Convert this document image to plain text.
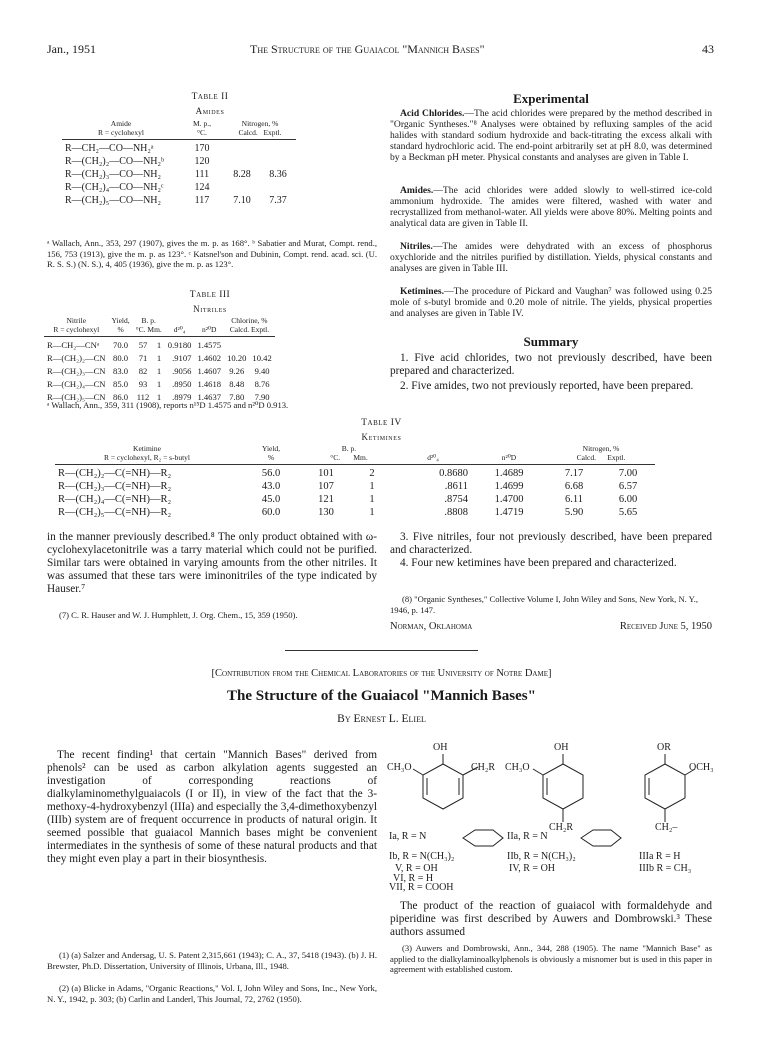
Jan., 1951	The Structure of the Guaiacol "Mannich Bases"	43
Table II
Amides
Amide
R = cyclohexyl	M. p.,
°C.	Nitrogen, %
Calcd. Exptl.	

R—CH₂—CO—NH₂ᵃ	170		
R—(CH₂)₂—CO—NH₂ᵇ	120		
R—(CH₂)₃—CO—NH₂	111	8.28	8.36
R—(CH₂)₄—CO—NH₂ᶜ	124		
R—(CH₂)₅—CO—NH₂	117	7.10	7.37
ᵃ Wallach, Ann., 353, 297 (1907), gives the m. p. as 168°. ᵇ Sabatier and Murat, Compt. rend., 156, 753 (1913), give the m. p. as 123°. ᶜ Katsnel'son and Dubinin, Compt. rend. acad. sci. (U. R. S. S.) (N. S.), 4, 405 (1936), give the m. p. as 123°.
Table III
Nitriles
Nitrile
R = cyclohexyl	Yield,
%	B. p.
°C. Mm.		d²⁰₄	n²⁰D	Chlorine, %
Calcd. Exptl.	

R—CH₂—CNᵃ	70.0	57	1	0.9180	1.4575		
R—(CH₂)₂—CN	80.0	71	1	.9107	1.4602	10.20	10.42
R—(CH₂)₃—CN	83.0	82	1	.9056	1.4607	9.26	9.40
R—(CH₂)₄—CN	85.0	93	1	.8950	1.4618	8.48	8.76
R—(CH₂)₅—CN	86.0	112	1	.8979	1.4637	7.80	7.90
ᵃ Wallach, Ann., 359, 311 (1908), reports n¹⁵D 1.4575 and n²⁰D 0.913.
Experimental
Acid Chlorides.—The acid chlorides were prepared by the method described in "Organic Syntheses."⁸ Analyses were obtained by refluxing samples of the acid halides with standard sodium hydroxide and back-titrating the excess alkali with standard hydrochloric acid. The end-point arbitrarily set at pH 8.0, was determined by a Beckman pH meter. Physical constants and analyses are given in Table I.
Amides.—The acid chlorides were added slowly to well-stirred ice-cold ammonium hydroxide. The amides were filtered, washed with water and recrystallized from methanol-water. All yields were above 80%. Melting points and analytical data are given in Table II.
Nitriles.—The amides were dehydrated with an excess of phosphorus oxychloride and the nitriles purified by distillation. Yields, physical constants and analyses are given in Table III.
Ketimines.—The procedure of Pickard and Vaughan⁷ was followed using 0.25 mole of s-butyl bromide and 0.20 mole of nitrile. The yields, physical properties and analyses are given in Table IV.
Summary
1. Five acid chlorides, two not previously described, have been prepared and characterized.
2. Five amides, two not previously reported, have been prepared.
Table IV
Ketimines
Ketimine
R = cyclohexyl, R₂ = s-butyl	Yield,
%	B. p.
°C. Mm.		d²⁰₄	n²⁰D	Nitrogen, %
Calcd. Exptl.	

R—(CH₂)₂—C(=NH)—R₂	56.0	101	2	0.8680	1.4689	7.17	7.00
R—(CH₂)₃—C(=NH)—R₂	43.0	107	1	.8611	1.4699	6.68	6.57
R—(CH₂)₄—C(=NH)—R₂	45.0	121	1	.8754	1.4700	6.11	6.00
R—(CH₂)₅—C(=NH)—R₂	60.0	130	1	.8808	1.4719	5.90	5.65
in the manner previously described.⁸ The only product obtained with ω-cyclohexylacetonitrile was a tarry material which could not be purified. Similar tars were obtained in varying amounts from the other nitriles. It was assumed that these tars were iminonitriles of the type indicated by Hauser.⁷
(7) C. R. Hauser and W. J. Humphlett, J. Org. Chem., 15, 359 (1950).
3. Five nitriles, four not previously described, have been prepared and characterized.
4. Four new ketimines have been prepared and characterized.
(8) "Organic Syntheses," Collective Volume I, John Wiley and Sons, New York, N. Y., 1946, p. 147.
Norman, Oklahoma	Received June 5, 1950
[Contribution from the Chemical Laboratories of the University of Notre Dame]
The Structure of the Guaiacol "Mannich Bases"
By Ernest L. Eliel
The recent finding¹ that certain "Mannich Bases" derived from phenols² can be used as carbon alkylation agents suggested an investigation of corresponding reactions of dialkylaminomethylguaiacols (I or II), in view of the fact that the 3-methoxy-4-hydroxybenzyl (IIIa) and especially the 3,4-dimethoxybenzyl (IIIb) system are of frequent occurrence in products of natural origin. It seemed possible that guaiacol Mannich bases might be convenient intermediates in the synthesis of some of these natural products and that they might even play a part in their biosynthesis.
(1) (a) Salzer and Andersag, U. S. Patent 2,315,661 (1943); C. A., 37, 5418 (1943). (b) J. H. Brewster, Ph.D. Dissertation, University of Illinois, Urbana, Ill., 1948.
(2) (a) Blicke in Adams, "Organic Reactions," Vol. I, John Wiley and Sons, Inc., New York, N. Y., 1942, p. 303; (b) Carlin and Landerl, This Journal, 72, 2762 (1950).
OH	OH	OR
CH₃O	CH₂R CH₃O	OCH₃
CH₂R	CH₂–
Ia, R = N
Ib, R = N(CH₃)₂
V, R = OH
VI, R = H
IIa, R = N
IIb, R = N(CH₃)₂
IV, R = OH
IIIa R = H
IIIb R = CH₃
VII, R = COOH
The product of the reaction of guaiacol with formaldehyde and piperidine was first described by Auwers and Dombrowski.³ These authors assumed
(3) Auwers and Dombrowski, Ann., 344, 288 (1905). The name "Mannich Base" as applied to the dialkylaminoalkylphenols is obviously a misnomer but is used in this paper in agreement with established custom.
